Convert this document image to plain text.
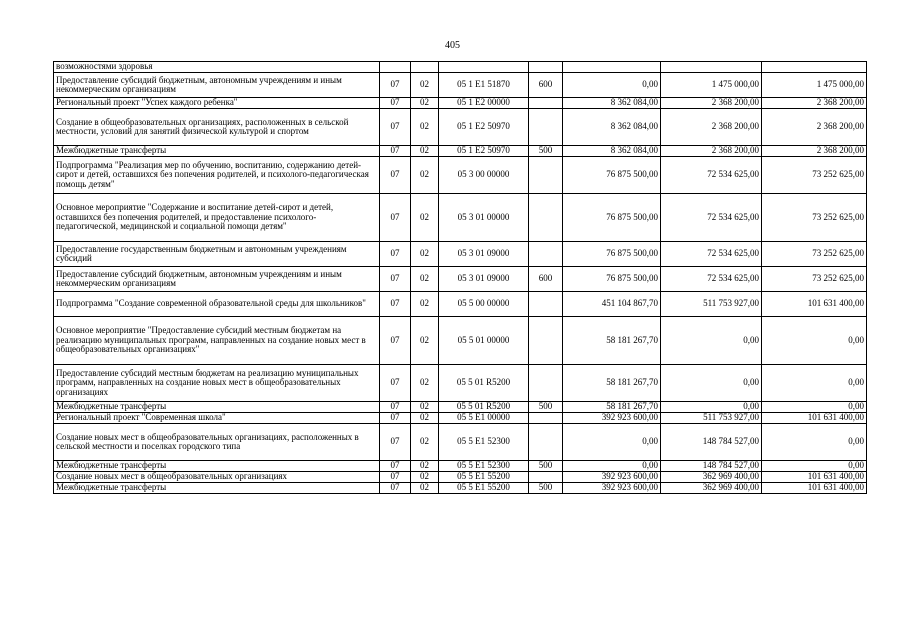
405
возможностями здоровья							
Предоставление субсидий бюджетным, автономным учреждениям и иным некоммерческим организациям	07	02	05 1 E1 51870	600	0,00	1 475 000,00	1 475 000,00
Региональный проект "Успех каждого ребенка"	07	02	05 1 E2 00000		8 362 084,00	2 368 200,00	2 368 200,00
Создание в общеобразовательных организациях, расположенных в сельской местности, условий для занятий физической культурой и спортом	07	02	05 1 E2 50970		8 362 084,00	2 368 200,00	2 368 200,00
Межбюджетные трансферты	07	02	05 1 E2 50970	500	8 362 084,00	2 368 200,00	2 368 200,00
Подпрограмма "Реализация мер по обучению, воспитанию, содержанию детей-сирот и детей, оставшихся без попечения родителей, и психолого-педагогическая помощь детям"	07	02	05 3 00 00000		76 875 500,00	72 534 625,00	73 252 625,00
Основное мероприятие "Содержание и воспитание детей-сирот и детей, оставшихся без попечения родителей, и предоставление психолого-педагогической, медицинской и социальной помощи детям"	07	02	05 3 01 00000		76 875 500,00	72 534 625,00	73 252 625,00
Предоставление государственным бюджетным и автономным учреждениям субсидий	07	02	05 3 01 09000		76 875 500,00	72 534 625,00	73 252 625,00
Предоставление субсидий бюджетным, автономным учреждениям и иным некоммерческим организациям	07	02	05 3 01 09000	600	76 875 500,00	72 534 625,00	73 252 625,00
Подпрограмма "Создание современной образовательной среды для школьников"	07	02	05 5 00 00000		451 104 867,70	511 753 927,00	101 631 400,00
Основное мероприятие "Предоставление субсидий местным бюджетам на реализацию муниципальных программ, направленных на создание новых мест в общеобразовательных организациях"	07	02	05 5 01 00000		58 181 267,70	0,00	0,00
Предоставление субсидий местным бюджетам на реализацию муниципальных программ, направленных на создание новых мест в общеобразовательных организациях	07	02	05 5 01 R5200		58 181 267,70	0,00	0,00
Межбюджетные трансферты	07	02	05 5 01 R5200	500	58 181 267,70	0,00	0,00
Региональный проект "Современная школа"	07	02	05 5 E1 00000		392 923 600,00	511 753 927,00	101 631 400,00
Создание новых мест в общеобразовательных организациях, расположенных в сельской местности и поселках городского типа	07	02	05 5 E1 52300		0,00	148 784 527,00	0,00
Межбюджетные трансферты	07	02	05 5 E1 52300	500	0,00	148 784 527,00	0,00
Создание новых мест в общеобразовательных организациях	07	02	05 5 E1 55200		392 923 600,00	362 969 400,00	101 631 400,00
Межбюджетные трансферты	07	02	05 5 E1 55200	500	392 923 600,00	362 969 400,00	101 631 400,00
